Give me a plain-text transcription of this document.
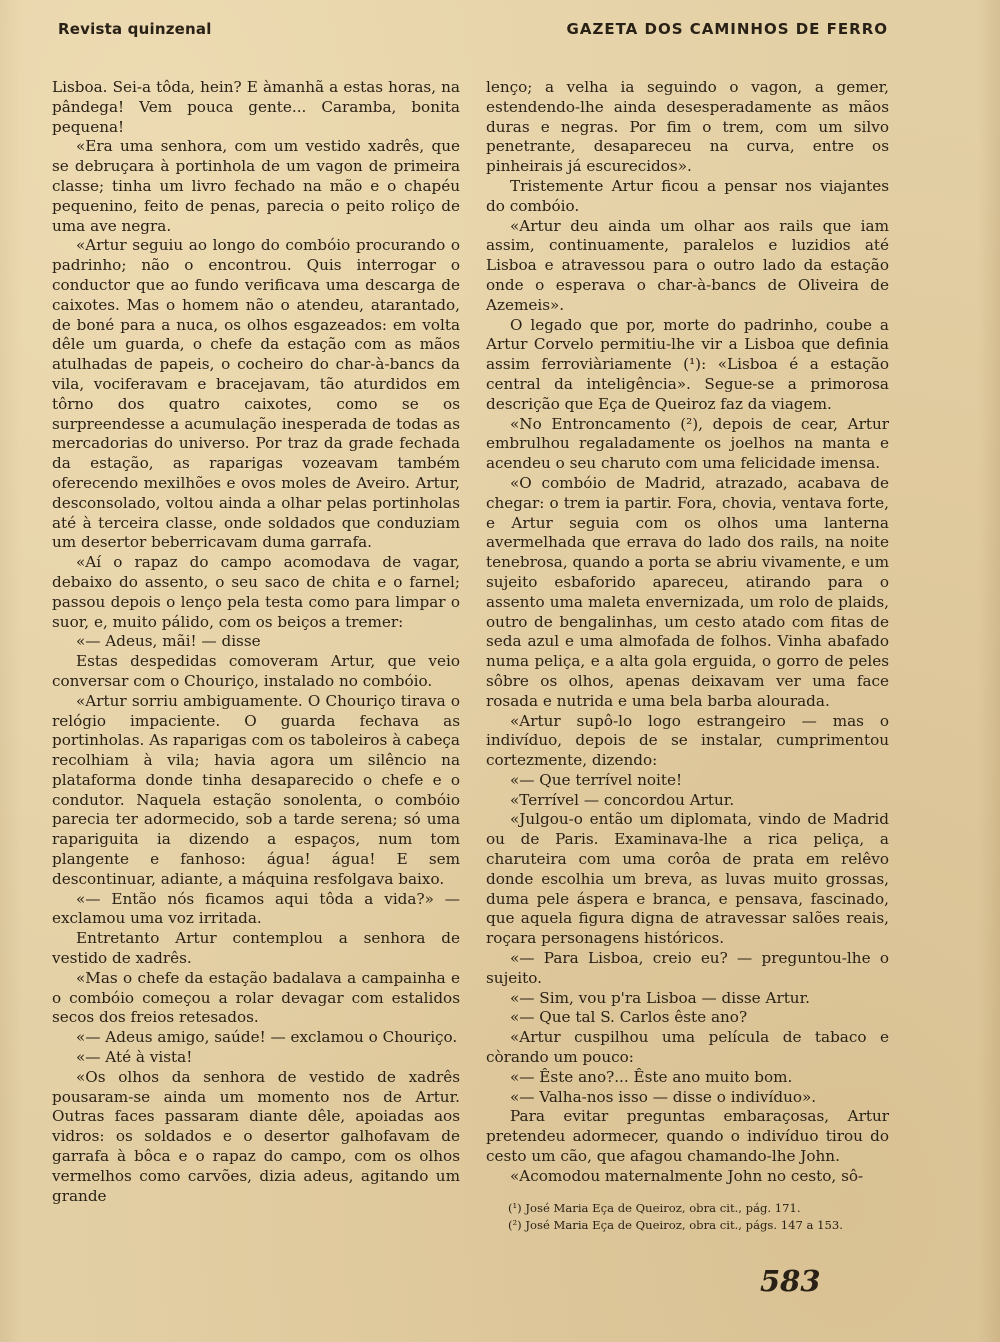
Revista quinzenal	GAZETA DOS CAMINHOS DE FERRO

Lisboa. Sei-a tôda, hein? E àmanhã a estas horas, na pândega! Vem pouca gente... Caramba, bonita pequena!

«Era uma senhora, com um vestido xadrês, que se debruçara à portinhola de um vagon de primeira classe; tinha um livro fechado na mão e o chapéu pequenino, feito de penas, parecia o peito roliço de uma ave negra.

«Artur seguiu ao longo do combóio procurando o padrinho; não o encontrou. Quis interrogar o conductor que ao fundo verificava uma descarga de caixotes. Mas o homem não o atendeu, atarantado, de boné para a nuca, os olhos esgazeados: em volta dêle um guarda, o chefe da estação com as mãos atulhadas de papeis, o cocheiro do char-à-bancs da vila, vociferavam e bracejavam, tão aturdidos em tôrno dos quatro caixotes, como se os surpreendesse a acumulação inesperada de todas as mercadorias do universo. Por traz da grade fechada da estação, as raparigas vozeavam também oferecendo mexilhões e ovos moles de Aveiro. Artur, desconsolado, voltou ainda a olhar pelas portinholas até à terceira classe, onde soldados que conduziam um desertor beberricavam duma garrafa.

«Aí o rapaz do campo acomodava de vagar, debaixo do assento, o seu saco de chita e o farnel; passou depois o lenço pela testa como para limpar o suor, e, muito pálido, com os beiços a tremer:

«— Adeus, mãi! — disse

Estas despedidas comoveram Artur, que veio conversar com o Chouriço, instalado no combóio.

«Artur sorriu ambiguamente. O Chouriço tirava o relógio impaciente. O guarda fechava as portinholas. As raparigas com os taboleiros à cabeça recolhiam à vila; havia agora um silêncio na plataforma donde tinha desaparecido o chefe e o condutor. Naquela estação sonolenta, o combóio parecia ter adormecido, sob a tarde serena; só uma rapariguita ia dizendo a espaços, num tom plangente e fanhoso: água! água! E sem descontinuar, adiante, a máquina resfolgava baixo.

«— Então nós ficamos aqui tôda a vida?» — exclamou uma voz irritada.

Entretanto Artur contemplou a senhora de vestido de xadrês.

«Mas o chefe da estação badalava a campainha e o combóio começou a rolar devagar com estalidos secos dos freios retesados.

«— Adeus amigo, saúde! — exclamou o Chouriço.

«— Até à vista!

«Os olhos da senhora de vestido de xadrês pousaram-se ainda um momento nos de Artur. Outras faces passaram diante dêle, apoiadas aos vidros: os soldados e o desertor galhofavam de garrafa à bôca e o rapaz do campo, com os olhos vermelhos como carvões, dizia adeus, agitando um grande

lenço; a velha ia seguindo o vagon, a gemer, estendendo-lhe ainda desesperadamente as mãos duras e negras. Por fim o trem, com um silvo penetrante, desapareceu na curva, entre os pinheirais já escurecidos».

Tristemente Artur ficou a pensar nos viajantes do combóio.

«Artur deu ainda um olhar aos rails que iam assim, continuamente, paralelos e luzidios até Lisboa e atravessou para o outro lado da estação onde o esperava o char-à-bancs de Oliveira de Azemeis».

O legado que por, morte do padrinho, coube a Artur Corvelo permitiu-lhe vir a Lisboa que definia assim ferroviàriamente (¹): «Lisboa é a estação central da inteligência». Segue-se a primorosa descrição que Eça de Queiroz faz da viagem.

«No Entroncamento (²), depois de cear, Artur embrulhou regaladamente os joelhos na manta e acendeu o seu charuto com uma felicidade imensa.

«O combóio de Madrid, atrazado, acabava de chegar: o trem ia partir. Fora, chovia, ventava forte, e Artur seguia com os olhos uma lanterna avermelhada que errava do lado dos rails, na noite tenebrosa, quando a porta se abriu vivamente, e um sujeito esbaforido apareceu, atirando para o assento uma maleta envernizada, um rolo de plaids, outro de bengalinhas, um cesto atado com fitas de seda azul e uma almofada de folhos. Vinha abafado numa peliça, e a alta gola erguida, o gorro de peles sôbre os olhos, apenas deixavam ver uma face rosada e nutrida e uma bela barba alourada.

«Artur supô-lo logo estrangeiro — mas o indivíduo, depois de se instalar, cumprimentou cortezmente, dizendo:

«— Que terrível noite!

«Terrível — concordou Artur.

«Julgou-o então um diplomata, vindo de Madrid ou de Paris. Examinava-lhe a rica peliça, a charuteira com uma corôa de prata em relêvo donde escolhia um breva, as luvas muito grossas, duma pele áspera e branca, e pensava, fascinado, que aquela figura digna de atravessar salões reais, roçara personagens históricos.

«— Para Lisboa, creio eu? — preguntou-lhe o sujeito.

«— Sim, vou p'ra Lisboa — disse Artur.

«— Que tal S. Carlos êste ano?

«Artur cuspilhou uma película de tabaco e còrando um pouco:

«— Êste ano?... Êste ano muito bom.

«— Valha-nos isso — disse o indivíduo».

Para evitar preguntas embaraçosas, Artur pretendeu adormecer, quando o indivíduo tirou do cesto um cão, que afagou chamando-lhe John.

«Acomodou maternalmente John no cesto, sô-

(¹) José Maria Eça de Queiroz, obra cit., pág. 171.
(²) José Maria Eça de Queiroz, obra cit., págs. 147 a 153.
583
